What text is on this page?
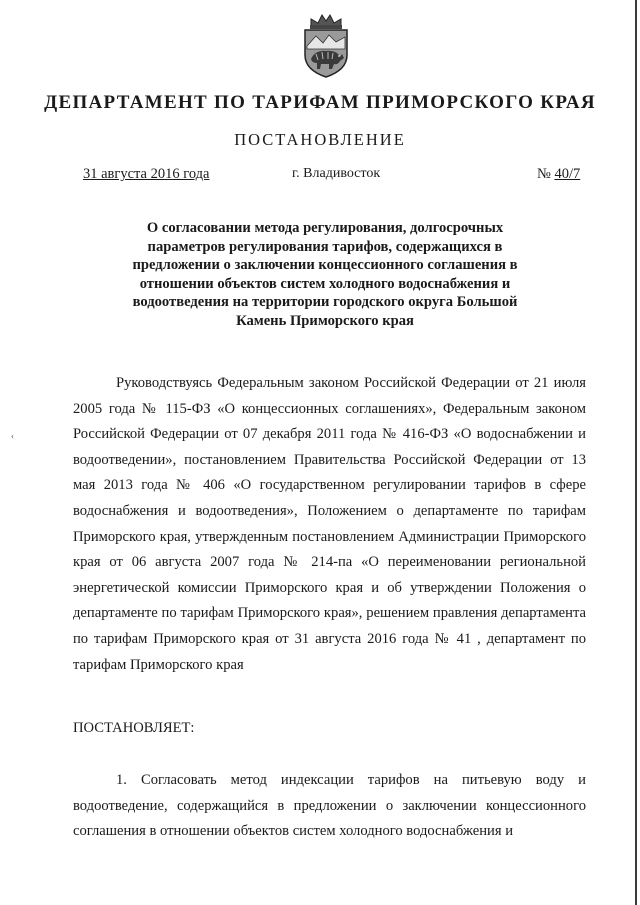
ДЕПАРТАМЕНТ ПО ТАРИФАМ ПРИМОРСКОГО КРАЯ
ПОСТАНОВЛЕНИЕ
31 августа 2016 года	г. Владивосток	№ 40/7
О согласовании метода регулирования, долгосрочных параметров регулирования тарифов, содержащихся в предложении о заключении концессионного соглашения в отношении объектов систем холодного водоснабжения и водоотведения на территории городского округа Большой Камень Приморского края
Руководствуясь Федеральным законом Российской Федерации от 21 июля 2005 года № 115-ФЗ «О концессионных соглашениях», Федеральным законом Российской Федерации от 07 декабря 2011 года № 416-ФЗ «О водоснабжении и водоотведении», постановлением Правительства Российской Федерации от 13 мая 2013 года № 406 «О государственном регулировании тарифов в сфере водоснабжения и водоотведения», Положением о департаменте по тарифам Приморского края, утвержденным постановлением Администрации Приморского края от 06 августа 2007 года № 214-па «О переименовании региональной энергетической комиссии Приморского края и об утверждении Положения о департаменте по тарифам Приморского края», решением правления департамента по тарифам Приморского края от 31 августа 2016 года № 41 , департамент по тарифам Приморского края
ПОСТАНОВЛЯЕТ:
1. Согласовать метод индексации тарифов на питьевую воду и водоотведение, содержащийся в предложении о заключении концессионного соглашения в отношении объектов систем холодного водоснабжения и
‹
